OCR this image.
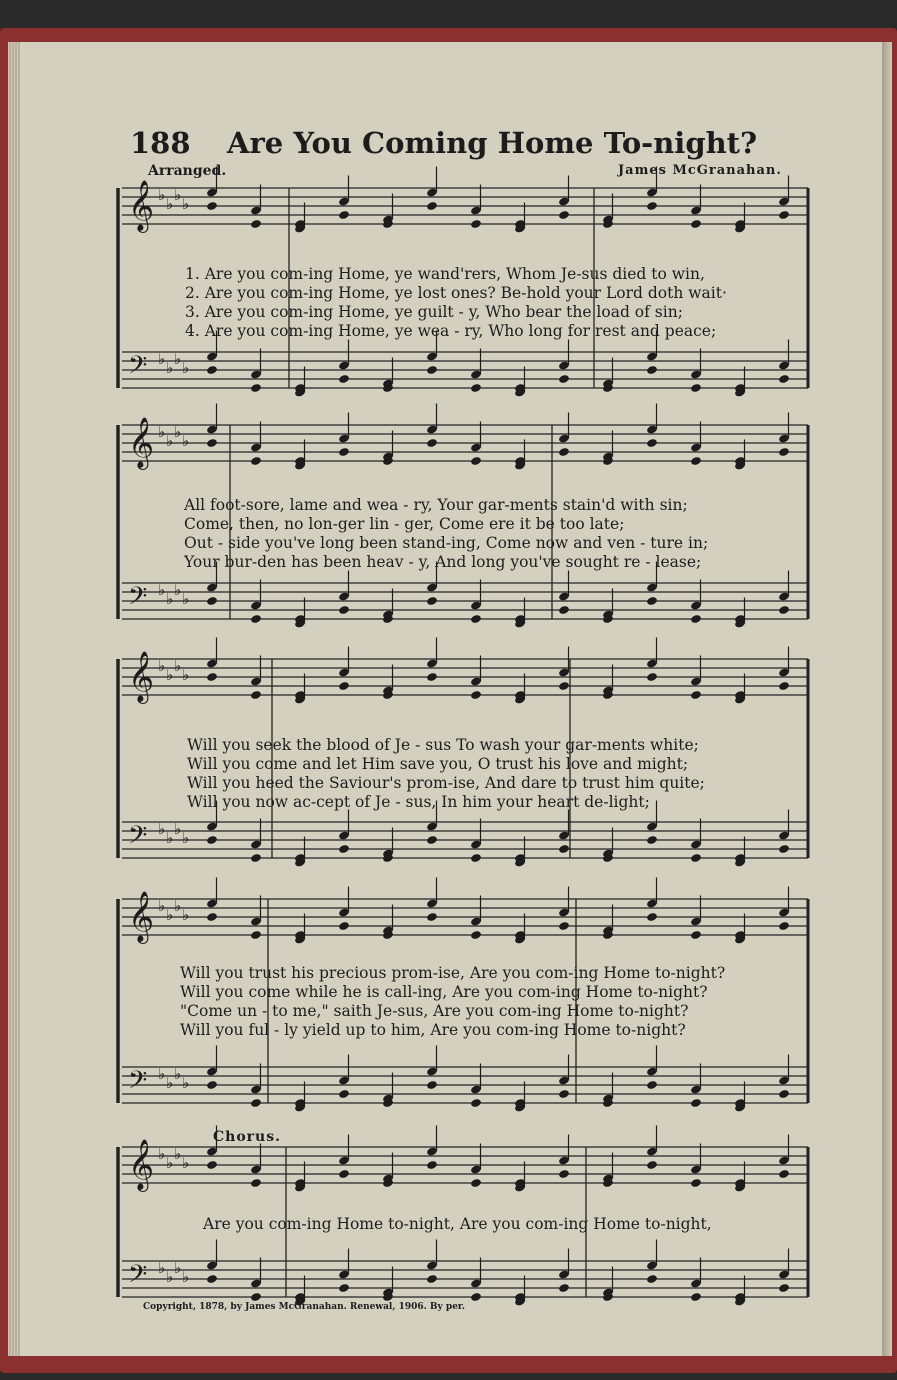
𝄞 ♭ ♭ ♭ ♭
𝄢 ♭ ♭ ♭ ♭
𝄞 ♭ ♭ ♭ ♭
𝄢 ♭ ♭ ♭ ♭
𝄞 ♭ ♭ ♭ ♭
𝄢 ♭ ♭ ♭ ♭
𝄞 ♭ ♭ ♭ ♭
𝄢 ♭ ♭ ♭ ♭
𝄞 ♭ ♭ ♭ ♭
𝄢 ♭ ♭ ♭ ♭
188 Are You Coming Home To-night?
Arranged.	James McGranahan.
1. Are you com-ing Home, ye wand'rers, Whom Je-sus died to win,
2. Are you com-ing Home, ye lost ones? Be-hold your Lord doth wait·
3. Are you com-ing Home, ye guilt - y, Who bear the load of sin;
4. Are you com-ing Home, ye wea - ry, Who long for rest and peace;
All foot-sore, lame and wea - ry, Your gar-ments stain'd with sin;
Come, then, no lon-ger lin - ger, Come ere it be too late;
Out - side you've long been stand-ing, Come now and ven - ture in;
Your bur-den has been heav - y, And long you've sought re - lease;
Will you seek the blood of Je - sus To wash your gar-ments white;
Will you come and let Him save you, O trust his love and might;
Will you heed the Saviour's prom-ise, And dare to trust him quite;
Will you now ac-cept of Je - sus, In him your heart de-light;
Will you trust his precious prom-ise, Are you com-ing Home to-night?
Will you come while he is call-ing, Are you com-ing Home to-night?
"Come un - to me," saith Je-sus, Are you com-ing Home to-night?
Will you ful - ly yield up to him, Are you com-ing Home to-night?
Chorus.
Are you com-ing Home to-night, Are you com-ing Home to-night,
Copyright, 1878, by James McGranahan. Renewal, 1906. By per.
